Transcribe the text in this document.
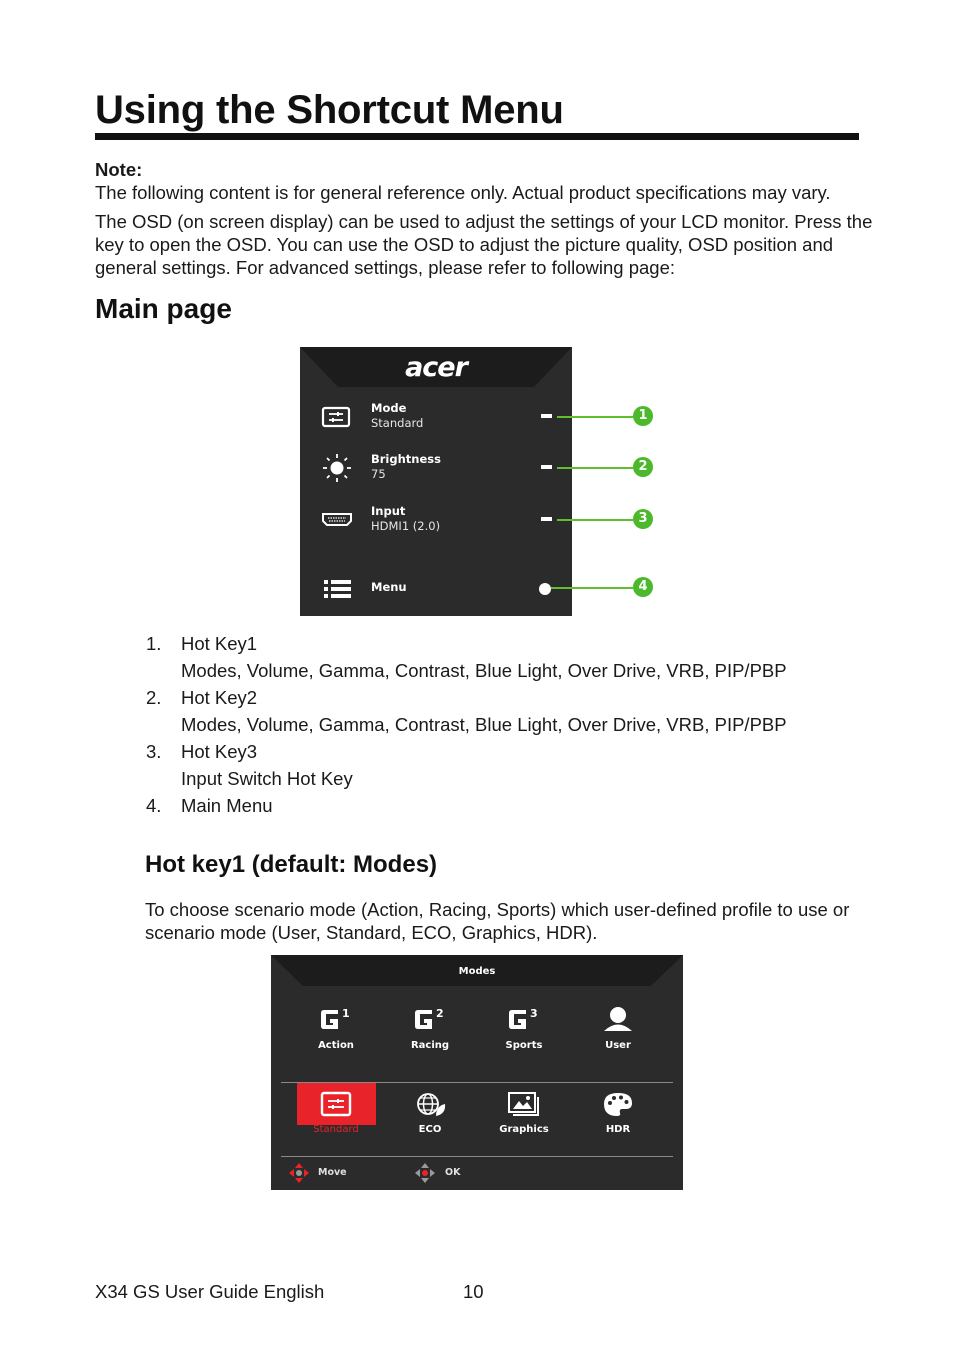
Using the Shortcut Menu
Note:
The following content is for general reference only. Actual product specifications may vary.
The OSD (on screen display) can be used to adjust the settings of your LCD monitor. Press the key to open the OSD. You can use the OSD to adjust the picture quality, OSD position and general settings. For advanced settings, please refer to following page:
Main page
acer
Mode
Standard
Brightness
75
Input
HDMI1 (2.0)
Menu
1
2
3
4
1. Hot Key1
Modes, Volume, Gamma, Contrast, Blue Light, Over Drive, VRB, PIP/PBP
2. Hot Key2
Modes, Volume, Gamma, Contrast, Blue Light, Over Drive, VRB, PIP/PBP
3. Hot Key3
Input Switch Hot Key
4. Main Menu
Hot key1 (default: Modes)
To choose scenario mode (Action, Racing, Sports) which user-defined profile to use or scenario mode (User, Standard, ECO, Graphics, HDR).
Modes
1
Action
2
Racing
3
Sports	User
Standard	ECO	Graphics	HDR
Move	OK
X34 GS User Guide English	10
